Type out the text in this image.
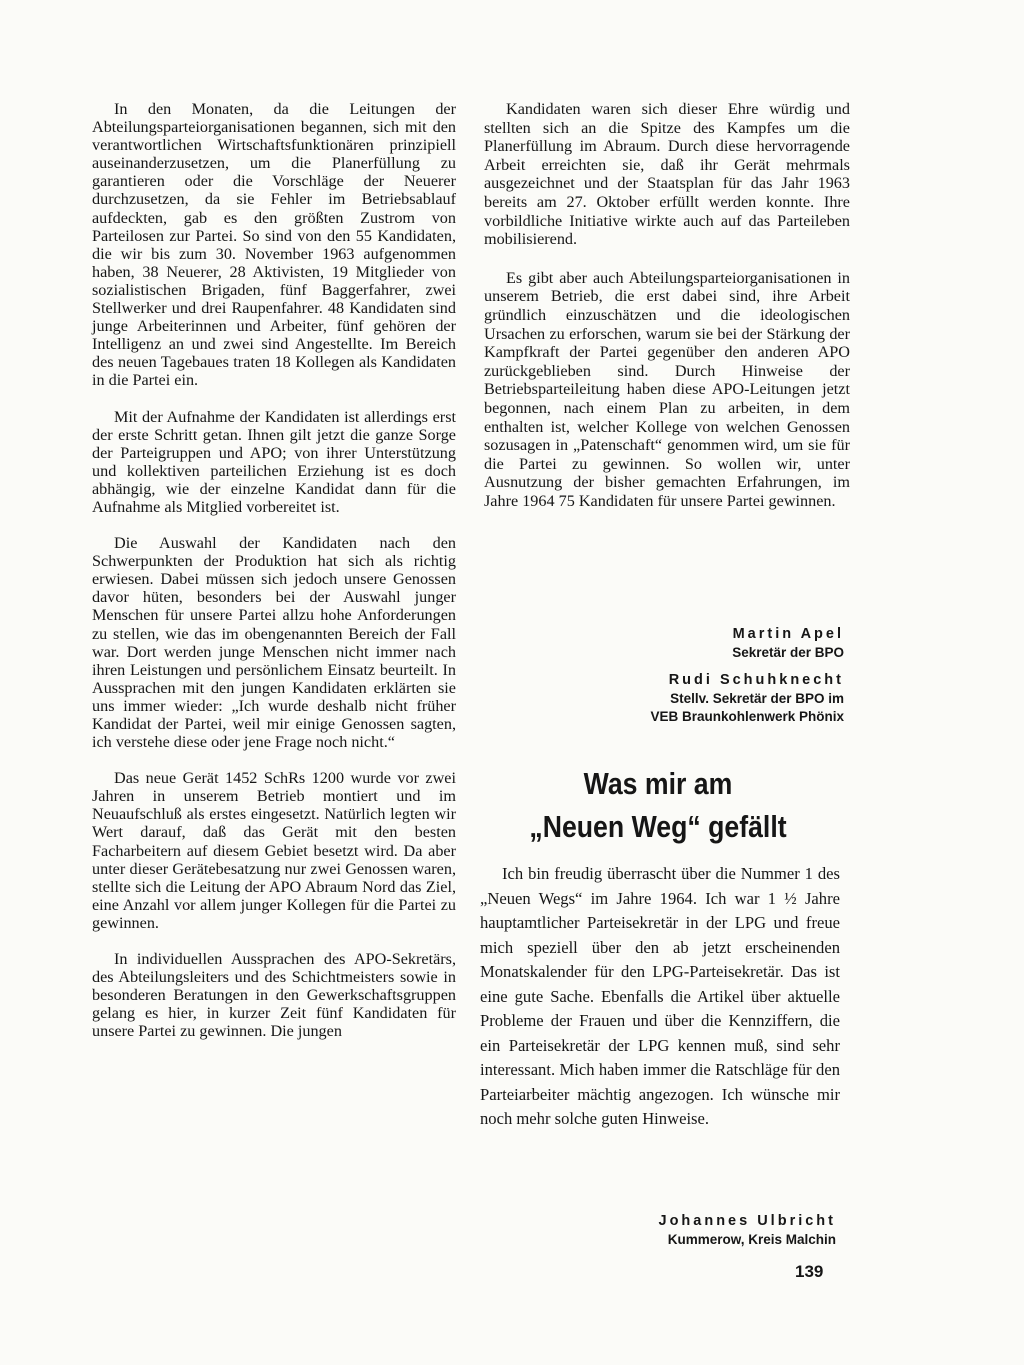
In den Monaten, da die Leitungen der Abteilungsparteiorganisationen begannen, sich mit den verantwortlichen Wirtschaftsfunktionären prinzipiell auseinanderzusetzen, um die Planerfüllung zu garantieren oder die Vorschläge der Neuerer durchzusetzen, da sie Fehler im Betriebsablauf aufdeckten, gab es den größten Zustrom von Parteilosen zur Partei. So sind von den 55 Kandidaten, die wir bis zum 30. November 1963 aufgenommen haben, 38 Neuerer, 28 Aktivisten, 19 Mitglieder von sozialistischen Brigaden, fünf Baggerfahrer, zwei Stellwerker und drei Raupenfahrer. 48 Kandidaten sind junge Arbeiterinnen und Arbeiter, fünf gehören der Intelligenz an und zwei sind Angestellte. Im Bereich des neuen Tagebaues traten 18 Kollegen als Kandidaten in die Partei ein.

Mit der Aufnahme der Kandidaten ist allerdings erst der erste Schritt getan. Ihnen gilt jetzt die ganze Sorge der Parteigruppen und APO; von ihrer Unterstützung und kollektiven parteilichen Erziehung ist es doch abhängig, wie der einzelne Kandidat dann für die Aufnahme als Mitglied vorbereitet ist.

Die Auswahl der Kandidaten nach den Schwerpunkten der Produktion hat sich als richtig erwiesen. Dabei müssen sich jedoch unsere Genossen davor hüten, besonders bei der Auswahl junger Menschen für unsere Partei allzu hohe Anforderungen zu stellen, wie das im obengenannten Bereich der Fall war. Dort werden junge Menschen nicht immer nach ihren Leistungen und persönlichem Einsatz beurteilt. In Aussprachen mit den jungen Kandidaten erklärten sie uns immer wieder: „Ich wurde deshalb nicht früher Kandidat der Partei, weil mir einige Genossen sagten, ich verstehe diese oder jene Frage noch nicht.“

Das neue Gerät 1452 SchRs 1200 wurde vor zwei Jahren in unserem Betrieb montiert und im Neuaufschluß als erstes eingesetzt. Natürlich legten wir Wert darauf, daß das Gerät mit den besten Facharbeitern auf diesem Gebiet besetzt wird. Da aber unter dieser Gerätebesatzung nur zwei Genossen waren, stellte sich die Leitung der APO Abraum Nord das Ziel, eine Anzahl vor allem junger Kollegen für die Partei zu gewinnen.

In individuellen Aussprachen des APO-Sekretärs, des Abteilungsleiters und des Schichtmeisters sowie in besonderen Beratungen in den Gewerkschaftsgruppen gelang es hier, in kurzer Zeit fünf Kandidaten für unsere Partei zu gewinnen. Die jungen

Kandidaten waren sich dieser Ehre würdig und stellten sich an die Spitze des Kampfes um die Planerfüllung im Abraum. Durch diese hervorragende Arbeit erreichten sie, daß ihr Gerät mehrmals ausgezeichnet und der Staatsplan für das Jahr 1963 bereits am 27. Oktober erfüllt werden konnte. Ihre vorbildliche Initiative wirkte auch auf das Parteileben mobilisierend.

Es gibt aber auch Abteilungsparteiorganisationen in unserem Betrieb, die erst dabei sind, ihre Arbeit gründlich einzuschätzen und die ideologischen Ursachen zu erforschen, warum sie bei der Stärkung der Kampfkraft der Partei gegenüber den anderen APO zurückgeblieben sind. Durch Hinweise der Betriebsparteileitung haben diese APO-Leitungen jetzt begonnen, nach einem Plan zu arbeiten, in dem enthalten ist, welcher Kollege von welchen Genossen sozusagen in „Patenschaft“ genommen wird, um sie für die Partei zu gewinnen. So wollen wir, unter Ausnutzung der bisher gemachten Erfahrungen, im Jahre 1964 75 Kandidaten für unsere Partei gewinnen.

Martin Apel
Sekretär der BPO
Rudi Schuhknecht
Stellv. Sekretär der BPO im
VEB Braunkohlenwerk Phönix
Was mir am
„Neuen Weg“ gefällt

Ich bin freudig überrascht über die Nummer 1 des „Neuen Wegs“ im Jahre 1964. Ich war 1 ½ Jahre hauptamtlicher Parteisekretär in der LPG und freue mich speziell über den ab jetzt erscheinenden Monatskalender für den LPG-Parteisekretär. Das ist eine gute Sache. Ebenfalls die Artikel über aktuelle Probleme der Frauen und über die Kennziffern, die ein Parteisekretär der LPG kennen muß, sind sehr interessant. Mich haben immer die Ratschläge für den Parteiarbeiter mächtig angezogen. Ich wünsche mir noch mehr solche guten Hinweise.

Johannes Ulbricht
Kummerow, Kreis Malchin
139
